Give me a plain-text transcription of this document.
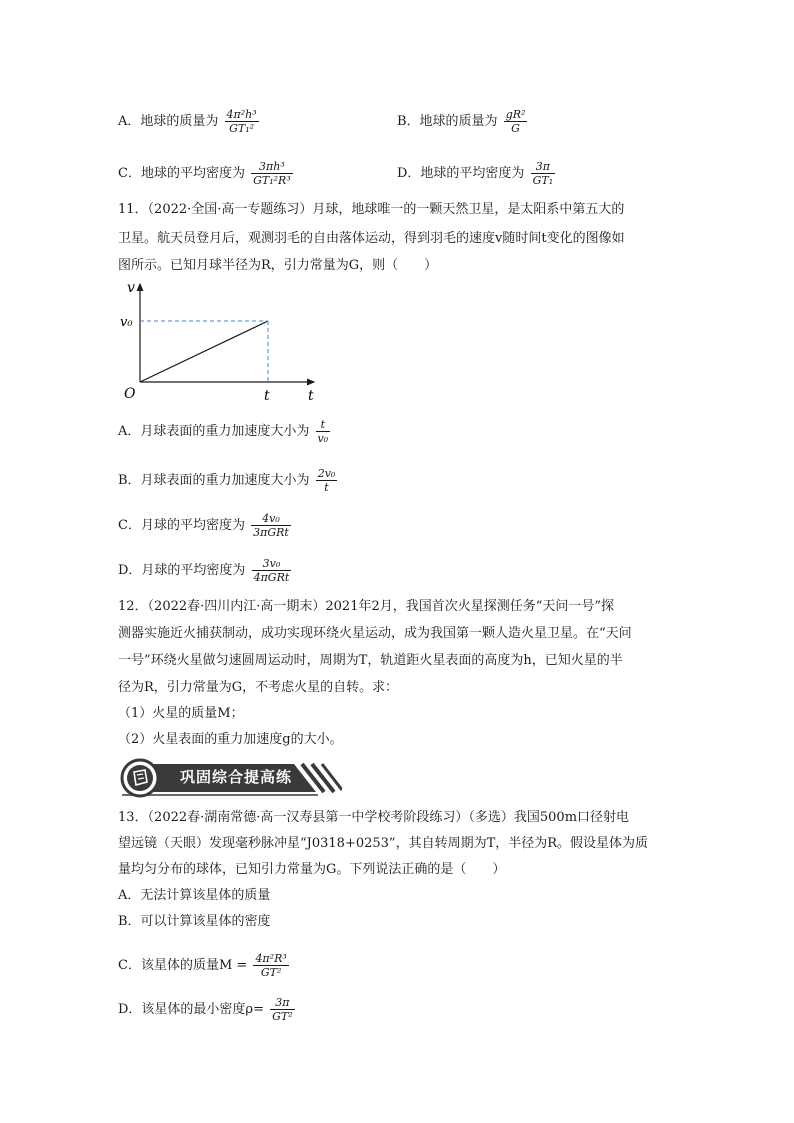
A．地球的质量为 $\frac{\text{4π²h³}}{\text{GT₁²}}$	B．地球的质量为 $\frac{\text{gR²}}{G}$
C．地球的平均密度为 $\frac{\text{3πh³}}{\text{GT₁²R³}}$	D．地球的平均密度为 $\frac{3\pi}{\text{GT₁}}$
11．（2022·全国·高一专题练习）月球，地球唯一的一颗天然卫星，是太阳系中第五大的
卫星。航天员登月后，观测羽毛的自由落体运动，得到羽毛的速度v随时间t变化的图像如
图所示。已知月球半径为R，引力常量为G，则（　　）
v
t
O
v₀
t
A．月球表面的重力加速度大小为 $\frac{t}{\text{v₀}}$
B．月球表面的重力加速度大小为 $\frac{\text{2v₀}}{t}$
C．月球的平均密度为 $\frac{\text{4v₀}}{\text{3πGRt}}$
D．月球的平均密度为 $\frac{\text{3v₀}}{\text{4πGRt}}$
12．（2022春·四川内江·高一期末）2021年2月，我国首次火星探测任务“天问一号”探
测器实施近火捕获制动，成功实现环绕火星运动，成为我国第一颗人造火星卫星。在“天问
一号”环绕火星做匀速圆周运动时，周期为T，轨道距火星表面的高度为h，已知火星的半
径为R，引力常量为G，不考虑火星的自转。求：
（1）火星的质量M；
（2）火星表面的重力加速度g的大小。
巩固综合提高练
13．（2022春·湖南常德·高一汉寿县第一中学校考阶段练习）（多选）我国500m口径射电
望远镜（天眼）发现毫秒脉冲星“J0318+0253”，其自转周期为T，半径为R。假设星体为质
量均匀分布的球体，已知引力常量为G。下列说法正确的是（　　）
A．无法计算该星体的质量
B．可以计算该星体的密度
C．该星体的质量$M = \frac{\text{4π²R³}}{\text{GT²}}$
D．该星体的最小密度$\rho= \frac{3\pi}{\text{GT²}}$
